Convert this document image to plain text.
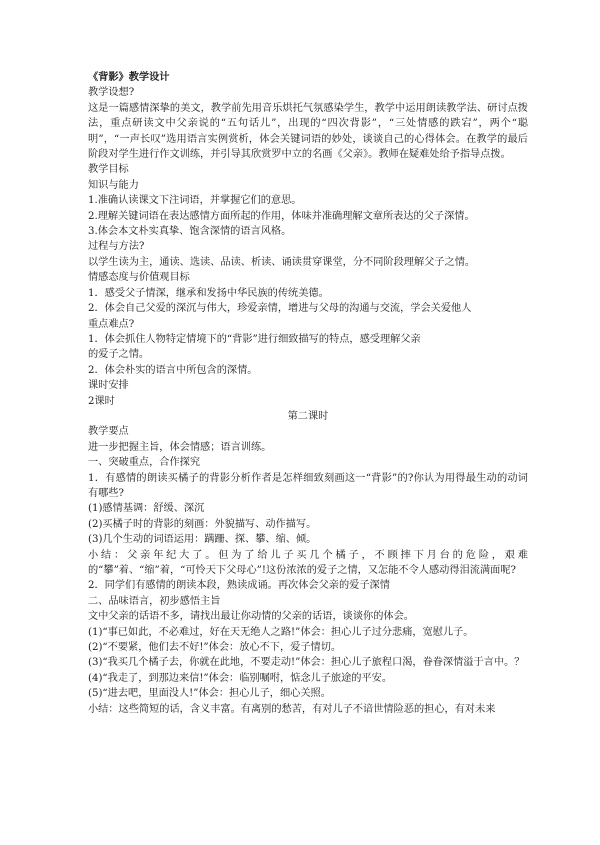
《背影》教学设计

教学设想?

这是一篇感情深挚的美文，教学前先用音乐烘托气氛感染学生，教学中运用朗读教学法、研讨点拨法，重点研读文中父亲说的“五句话儿”，出现的“四次背影”，“三处情感的跌宕”，两个“聪明”，“一声长叹”选用语言实例赏析，体会关键词语的妙处，谈谈自己的心得体会。在教学的最后阶段对学生进行作文训练，并引导其欣赏罗中立的名画《父亲》。教师在疑难处给予指导点拨。

教学目标

知识与能力

1.准确认读课文下注词语，并掌握它们的意思。

2.理解关键词语在表达感情方面所起的作用，体味并准确理解文章所表达的父子深情。

3.体会本文朴实真挚、饱含深情的语言风格。

过程与方法?

以学生读为主，通读、选读、品读、析读、诵读贯穿课堂，分不同阶段理解父子之情。

情感态度与价值观目标

1．感受父子情深，继承和发扬中华民族的传统美德。

2．体会自己父爱的深沉与伟大，珍爱亲情，增进与父母的沟通与交流，学会关爱他人

重点难点?

1．体会抓住人物特定情境下的“背影”进行细致描写的特点，感受理解父亲

的爱子之情。

2．体会朴实的语言中所包含的深情。

课时安排

2课时

第二课时

教学要点

进一步把握主旨，体会情感；语言训练。

一、突破重点，合作探究

1．有感情的朗读买橘子的背影分析作者是怎样细致刻画这一“背影”的?你认为用得最生动的动词有哪些?

(1)感情基调：舒缓、深沉

(2)买橘子时的背影的刻画：外貌描写、动作描写。

(3)几个生动的词语运用：蹒跚、探、攀、缩、倾。

小结：父亲年纪大了。但为了给儿子买几个橘子，不顾摔下月台的危险，艰难的“攀”着、“缩”着，“可怜天下父母心”!这份浓浓的爱子之情，又怎能不令人感动得泪流满面呢?

2．同学们有感情的朗读本段，熟读成诵。再次体会父亲的爱子深情

二、品味语言，初步感悟主旨

文中父亲的话语不多，请找出最让你动情的父亲的话语，谈谈你的体会。

(1)“事已如此，不必难过，好在天无绝人之路!”体会：担心儿子过分悲痛，宽慰儿子。

(2)“不要紧，他们去不好!”体会：放心不下，爱子情切。

(3)“我买几个橘子去，你就在此地，不要走动!”体会：担心儿子旅程口渴，眷眷深情溢于言中。？

(4)“我走了，到那边来信!”体会：临别嘱咐，惦念儿子旅途的平安。

(5)“进去吧，里面没人!”体会：担心儿子，细心关照。

小结：这些简短的话，含义丰富。有离别的愁苦，有对儿子不谙世情险恶的担心，有对未来
